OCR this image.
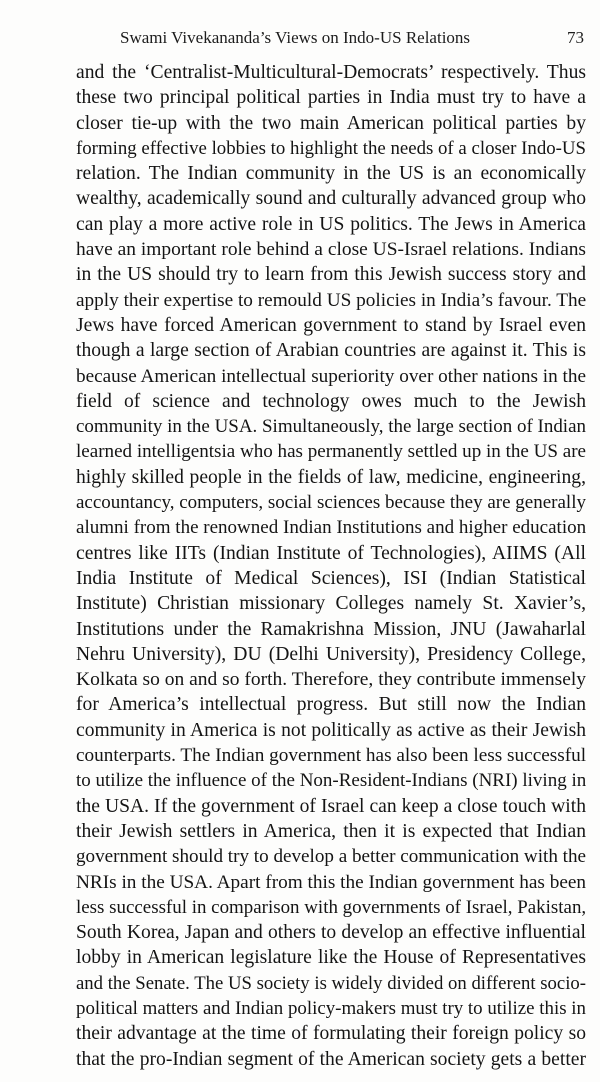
Swami Vivekananda’s Views on Indo-US Relations	73

and the ‘Centralist-Multicultural-Democrats’ respectively. Thus
these two principal political parties in India must try to have a
closer tie-up with the two main American political parties by
forming effective lobbies to highlight the needs of a closer Indo-US
relation. The Indian community in the US is an economically
wealthy, academically sound and culturally advanced group who
can play a more active role in US politics. The Jews in America
have an important role behind a close US-Israel relations. Indians
in the US should try to learn from this Jewish success story and
apply their expertise to remould US policies in India’s favour. The
Jews have forced American government to stand by Israel even
though a large section of Arabian countries are against it. This is
because American intellectual superiority over other nations in the
field of science and technology owes much to the Jewish
community in the USA. Simultaneously, the large section of Indian
learned intelligentsia who has permanently settled up in the US are
highly skilled people in the fields of law, medicine, engineering,
accountancy, computers, social sciences because they are generally
alumni from the renowned Indian Institutions and higher education
centres like IITs (Indian Institute of Technologies), AIIMS (All
India Institute of Medical Sciences), ISI (Indian Statistical
Institute) Christian missionary Colleges namely St. Xavier’s,
Institutions under the Ramakrishna Mission, JNU (Jawaharlal
Nehru University), DU (Delhi University), Presidency College,
Kolkata so on and so forth. Therefore, they contribute immensely
for America’s intellectual progress. But still now the Indian
community in America is not politically as active as their Jewish
counterparts. The Indian government has also been less successful
to utilize the influence of the Non-Resident-Indians (NRI) living in
the USA. If the government of Israel can keep a close touch with
their Jewish settlers in America, then it is expected that Indian
government should try to develop a better communication with the
NRIs in the USA. Apart from this the Indian government has been
less successful in comparison with governments of Israel, Pakistan,
South Korea, Japan and others to develop an effective influential
lobby in American legislature like the House of Representatives
and the Senate. The US society is widely divided on different socio-
political matters and Indian policy-makers must try to utilize this in
their advantage at the time of formulating their foreign policy so
that the pro-Indian segment of the American society gets a better
